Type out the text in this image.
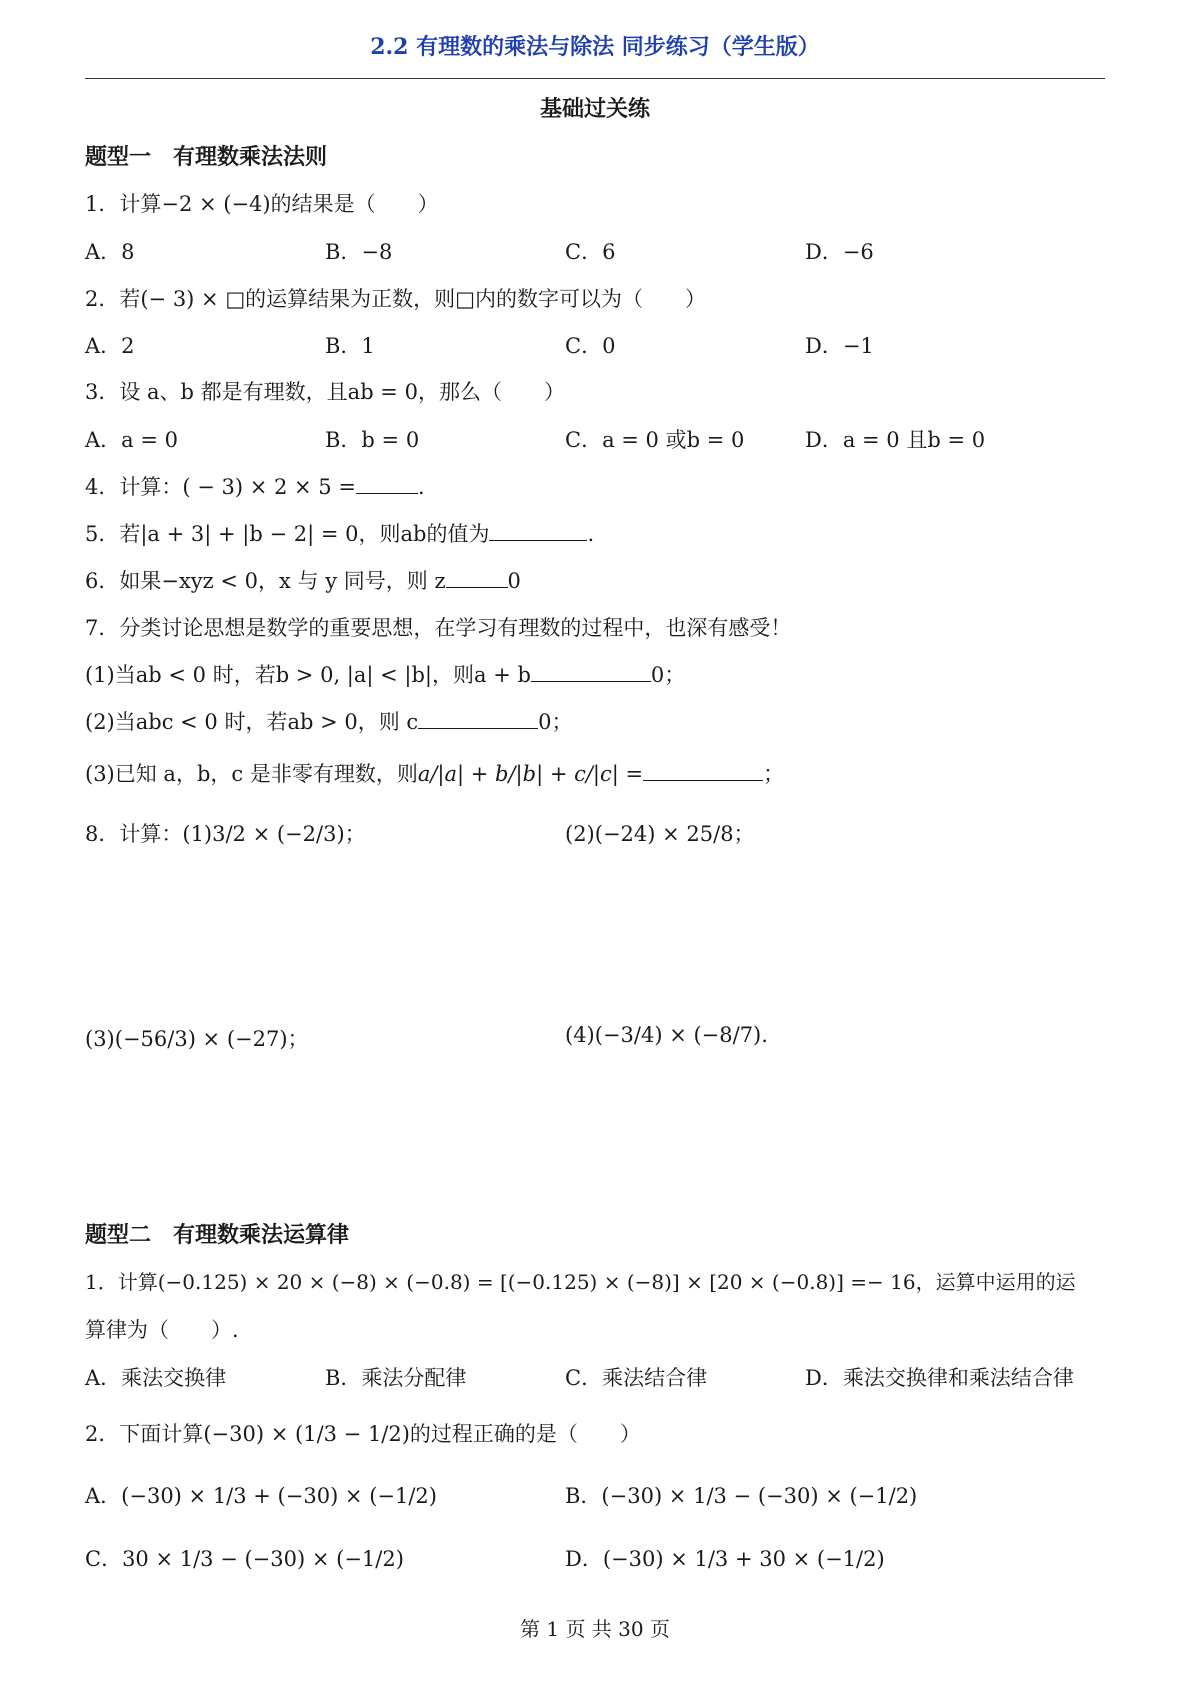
2.2 有理数的乘法与除法 同步练习（学生版）
基础过关练
题型一　有理数乘法法则
1．计算−2 × (−4)的结果是（　　）
A．8	B．−8	C．6	D．−6
2．若(− 3) × □的运算结果为正数，则□内的数字可以为（　　）
A．2	B．1	C．0	D．−1
3．设 a、b 都是有理数，且ab = 0，那么（　　）
A．a = 0	B．b = 0	C．a = 0 或b = 0	D．a = 0 且b = 0
4．计算：( − 3) × 2 × 5 =	.
5．若|a + 3| + |b − 2| = 0，则ab的值为	.
6．如果−xyz < 0，x 与 y 同号，则 z	0
7．分类讨论思想是数学的重要思想，在学习有理数的过程中，也深有感受！
(1)当ab < 0 时，若b > 0, |a| < |b|，则a + b	0；
(2)当abc < 0 时，若ab > 0，则 c	0；
(3)已知 a，b，c 是非零有理数，则a/|a| + b/|b| + c/|c| =	；
8．计算：(1)3/2 × (−2/3)；	(2)(−24) × 25/8；
(3)(−56/3) × (−27)；	(4)(−3/4) × (−8/7).
题型二　有理数乘法运算律
1．计算(−0.125) × 20 × (−8) × (−0.8) = [(−0.125) × (−8)] × [20 × (−0.8)] =− 16，运算中运用的运
算律为（　　）.
A．乘法交换律	B．乘法分配律	C．乘法结合律	D．乘法交换律和乘法结合律
2．下面计算(−30) × (1/3 − 1/2)的过程正确的是（　　）
A．(−30) × 1/3 + (−30) × (−1/2)	B．(−30) × 1/3 − (−30) × (−1/2)
C．30 × 1/3 − (−30) × (−1/2)	D．(−30) × 1/3 + 30 × (−1/2)
第 1 页 共 30 页
